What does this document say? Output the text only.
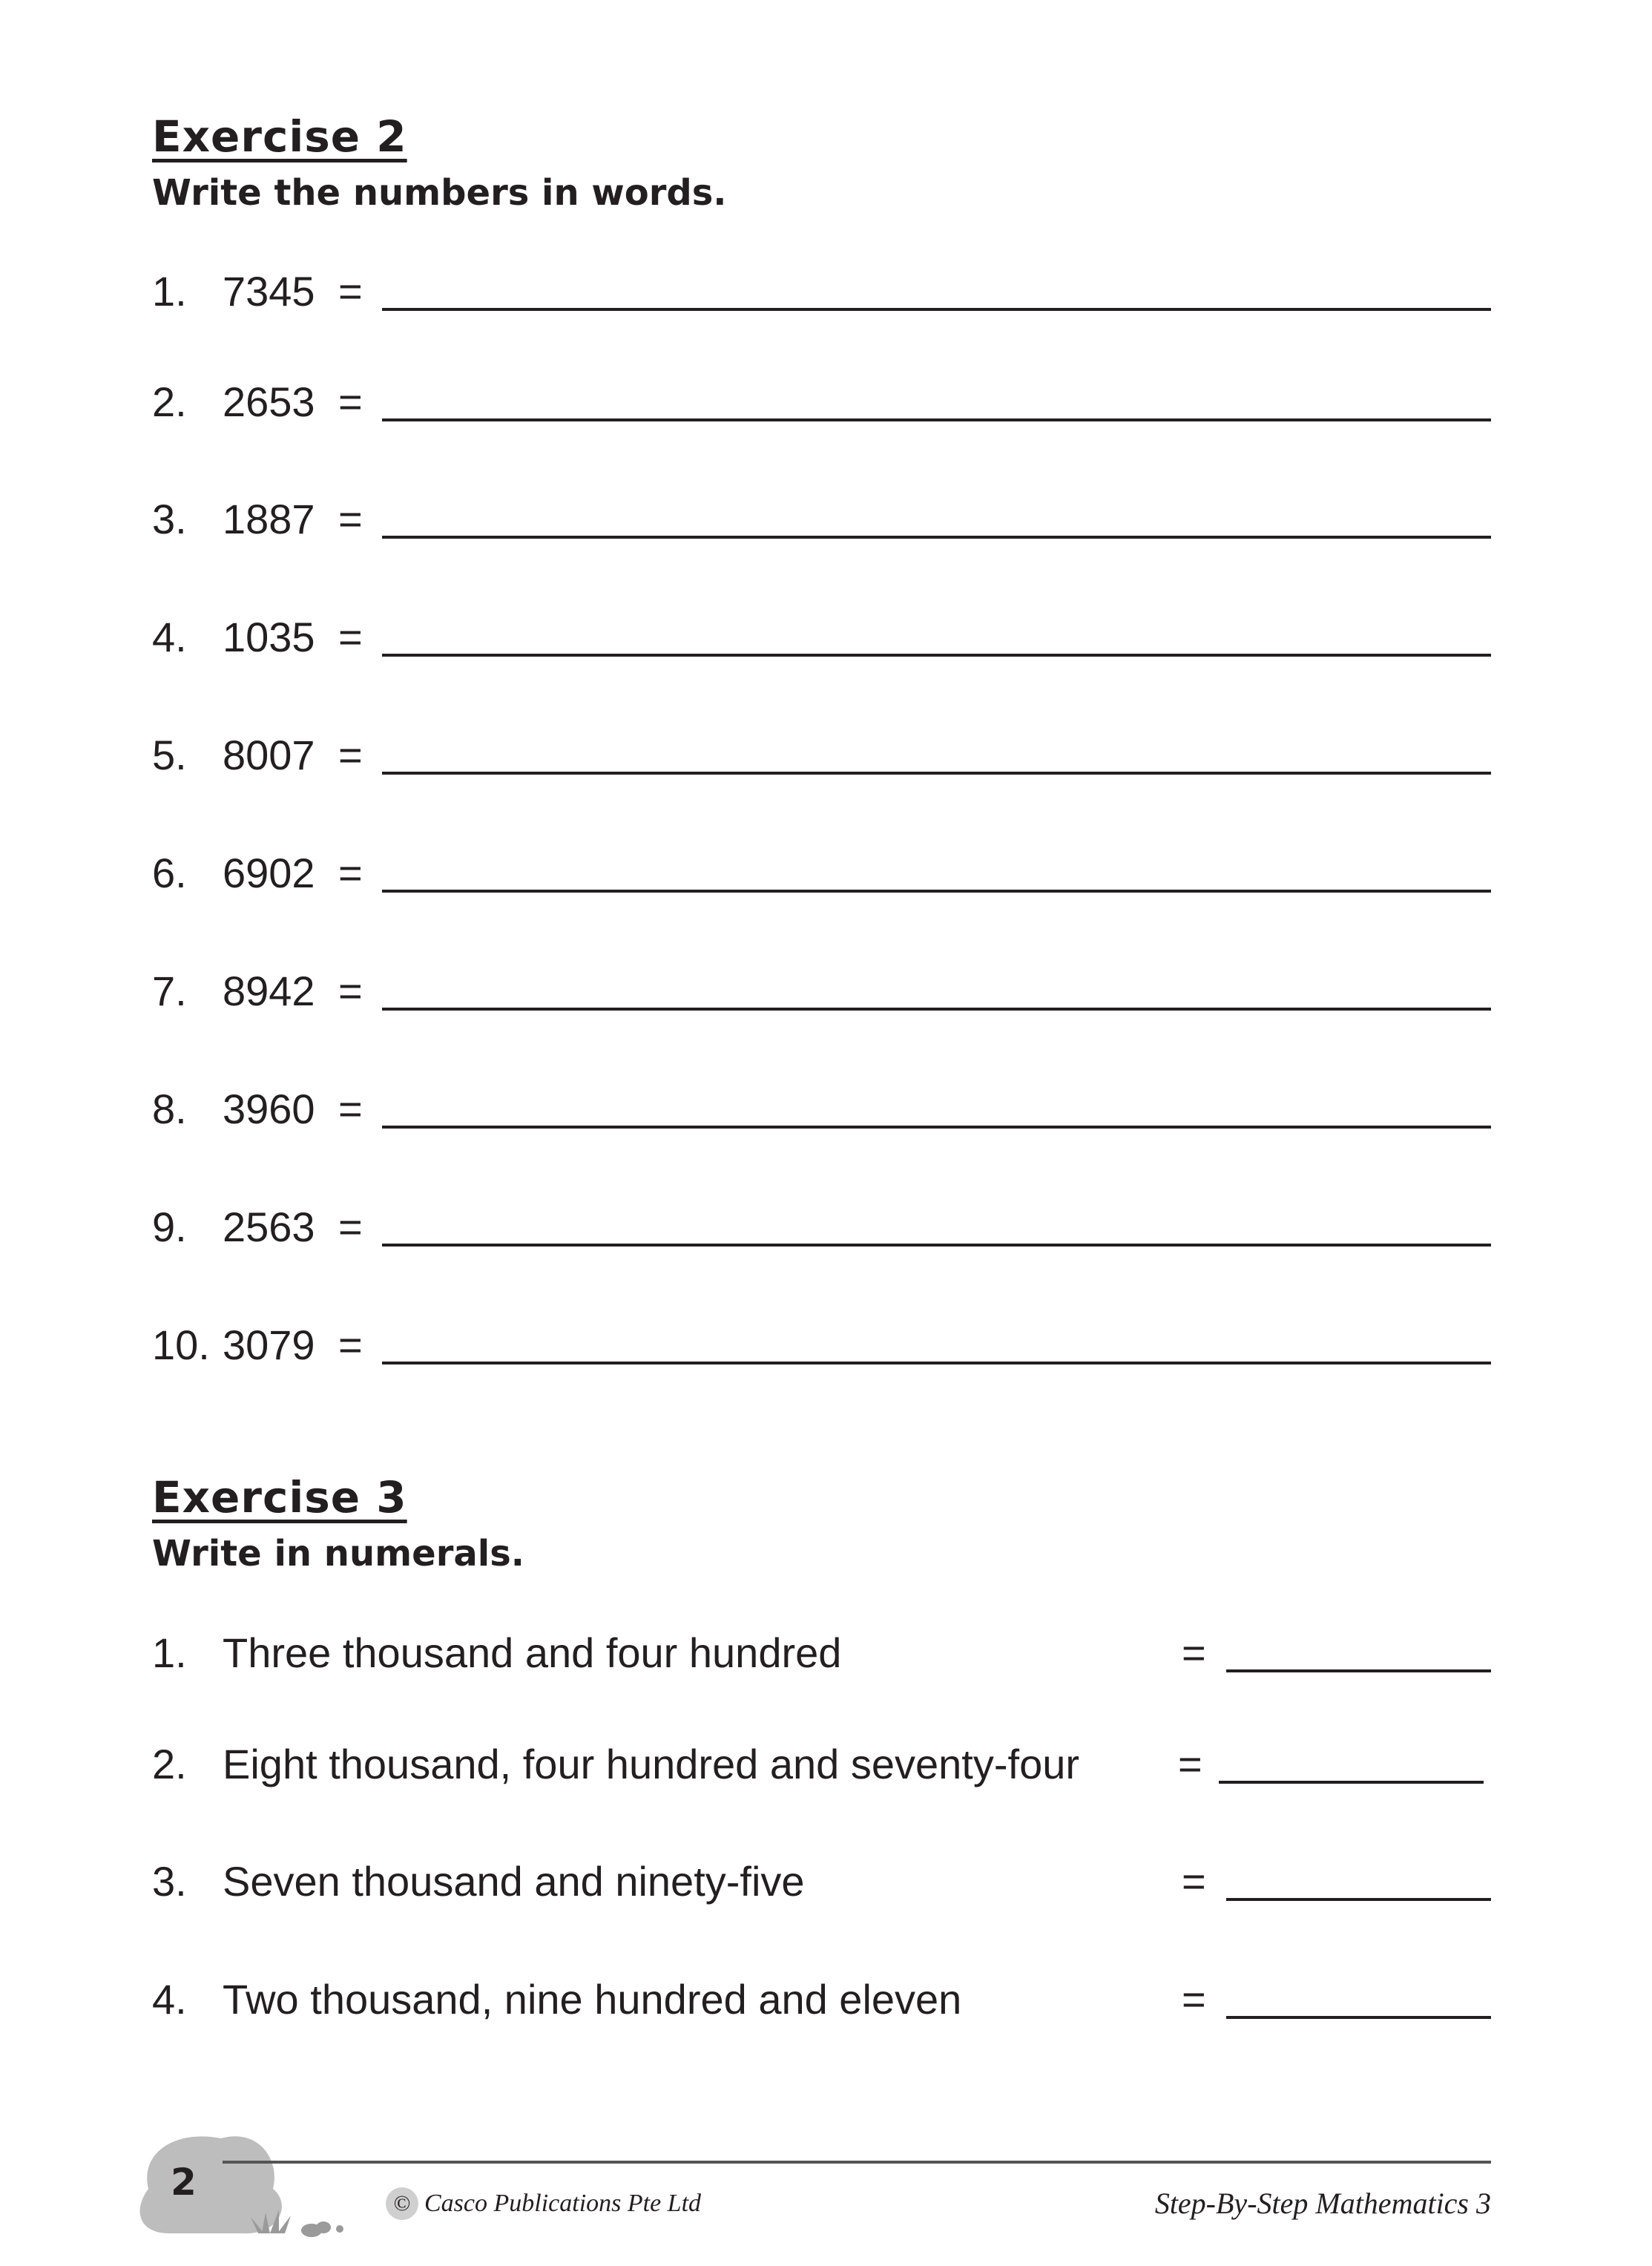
Exercise 2
Write the numbers in words.
1. 7345 =
2. 2653 =
3. 1887 =
4. 1035 =
5. 8007 =
6. 6902 =
7. 8942 =
8. 3960 =
9. 2563 =
10. 3079 =
Exercise 3
Write in numerals.
1. Three thousand and four hundred	=
2. Eight thousand, four hundred and seventy-four =
3. Seven thousand and ninety-five	=
4. Two thousand, nine hundred and eleven	=
2	© Casco Publications Pte Ltd	Step-By-Step Mathematics 3
